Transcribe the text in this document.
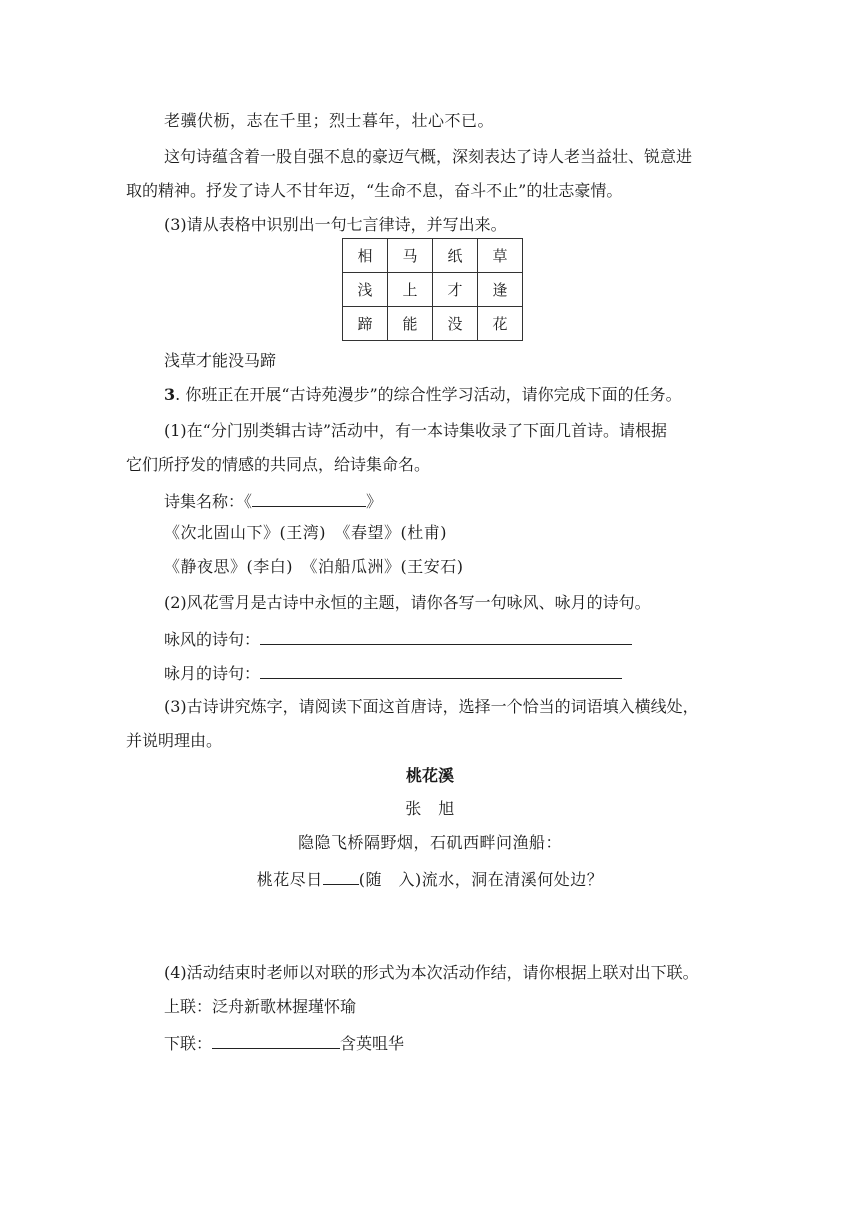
老骥伏枥，志在千里；烈士暮年，壮心不已。
这句诗蕴含着一股自强不息的豪迈气概，深刻表达了诗人老当益壮、锐意进
取的精神。抒发了诗人不甘年迈，“生命不息，奋斗不止”的壮志豪情。
(3)请从表格中识别出一句七言律诗，并写出来。
相	马	纸	草
浅	上	才	逢
蹄	能	没	花
浅草才能没马蹄
3. 你班正在开展“古诗苑漫步”的综合性学习活动，请你完成下面的任务。
(1)在“分门别类辑古诗”活动中，有一本诗集收录了下面几首诗。请根据
它们所抒发的情感的共同点，给诗集命名。
诗集名称：《	》
《次北固山下》(王湾)　《春望》(杜甫)
《静夜思》(李白)　《泊船瓜洲》(王安石)
(2)风花雪月是古诗中永恒的主题，请你各写一句咏风、咏月的诗句。
咏风的诗句：
咏月的诗句：
(3)古诗讲究炼字，请阅读下面这首唐诗，选择一个恰当的词语填入横线处，
并说明理由。
桃花溪
张　旭
隐隐飞桥隔野烟，石矶西畔问渔船：
桃花尽日 (随　入)流水，洞在清溪何处边？
(4)活动结束时老师以对联的形式为本次活动作结，请你根据上联对出下联。
上联：泛舟新歌林握瑾怀瑜
下联：	含英咀华
